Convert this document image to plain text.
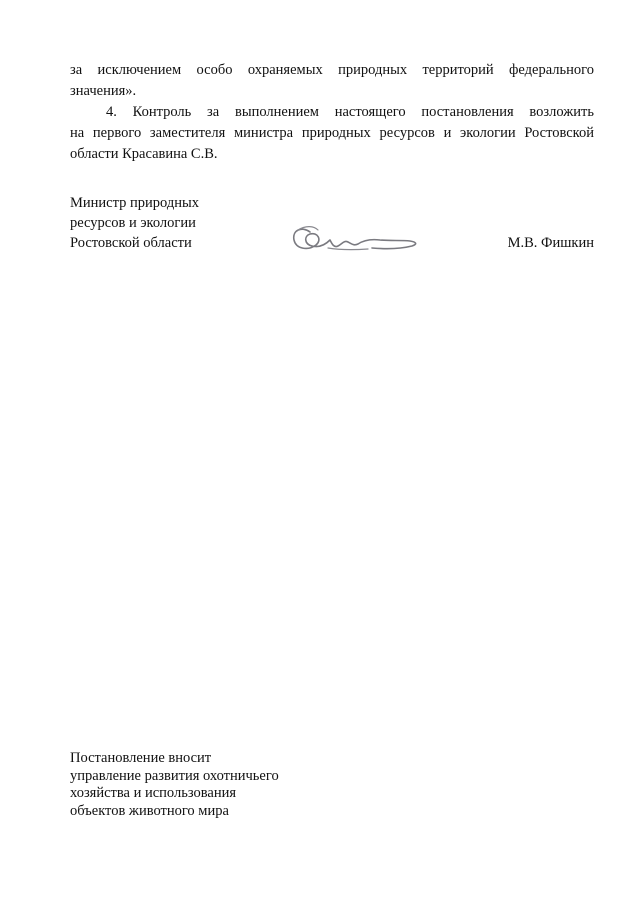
за исключением особо охраняемых природных территорий федерального
значения».
4. Контроль за выполнением настоящего постановления возложить
на первого заместителя министра природных ресурсов и экологии Ростовской
области Красавина С.В.
Министр природных
ресурсов и экологии
Ростовской области	М.В. Фишкин
Постановление вносит
управление развития охотничьего
хозяйства и использования
объектов животного мира
